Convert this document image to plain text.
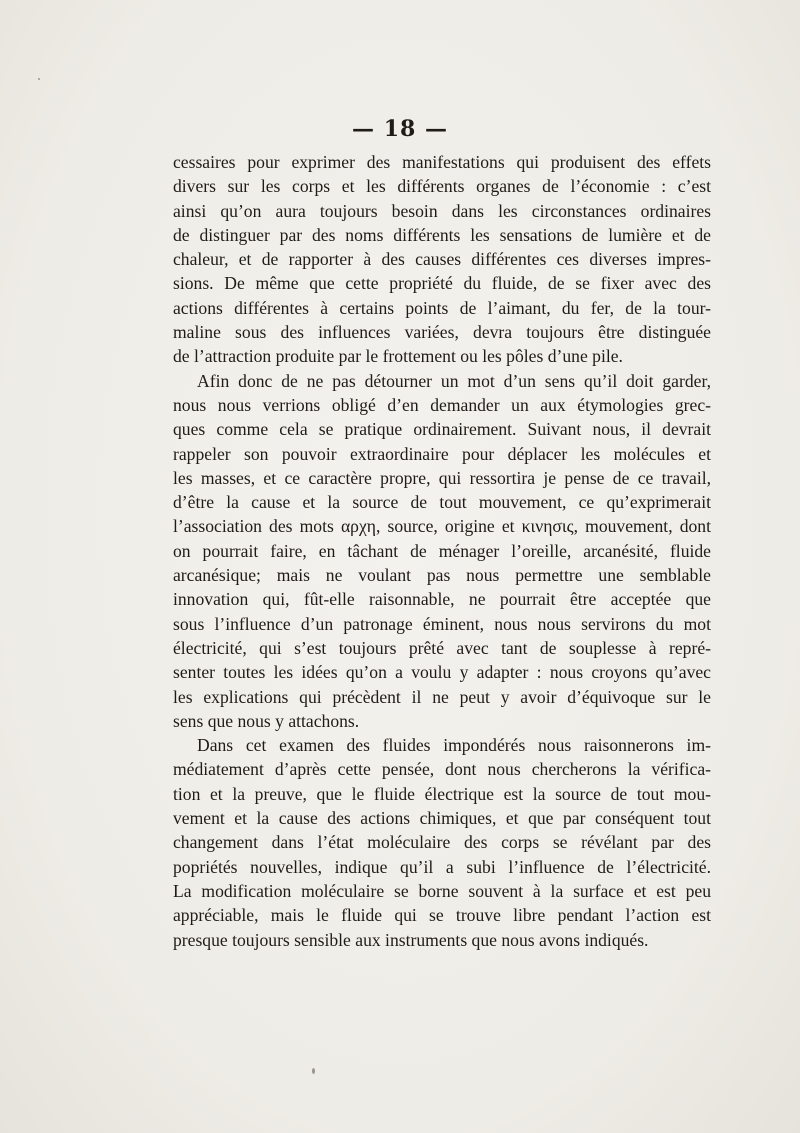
— 18 —
cessaires pour exprimer des manifestations qui produisent des effets
divers sur les corps et les différents organes de l’économie : c’est
ainsi qu’on aura toujours besoin dans les circonstances ordinaires
de distinguer par des noms différents les sensations de lumière et de
chaleur, et de rapporter à des causes différentes ces diverses impres-
sions. De même que cette propriété du fluide, de se fixer avec des
actions différentes à certains points de l’aimant, du fer, de la tour-
maline sous des influences variées, devra toujours être distinguée
de l’attraction produite par le frottement ou les pôles d’une pile.
Afin donc de ne pas détourner un mot d’un sens qu’il doit garder,
nous nous verrions obligé d’en demander un aux étymologies grec-
ques comme cela se pratique ordinairement. Suivant nous, il devrait
rappeler son pouvoir extraordinaire pour déplacer les molécules et
les masses, et ce caractère propre, qui ressortira je pense de ce travail,
d’être la cause et la source de tout mouvement, ce qu’exprimerait
l’association des mots αρχη, source, origine et κινησις, mouvement, dont
on pourrait faire, en tâchant de ménager l’oreille, arcanésité, fluide
arcanésique; mais ne voulant pas nous permettre une semblable
innovation qui, fût-elle raisonnable, ne pourrait être acceptée que
sous l’influence d’un patronage éminent, nous nous servirons du mot
électricité, qui s’est toujours prêté avec tant de souplesse à repré-
senter toutes les idées qu’on a voulu y adapter : nous croyons qu’avec
les explications qui précèdent il ne peut y avoir d’équivoque sur le
sens que nous y attachons.
Dans cet examen des fluides impondérés nous raisonnerons im-
médiatement d’après cette pensée, dont nous chercherons la vérifica-
tion et la preuve, que le fluide électrique est la source de tout mou-
vement et la cause des actions chimiques, et que par conséquent tout
changement dans l’état moléculaire des corps se révélant par des
popriétés nouvelles, indique qu’il a subi l’influence de l’électricité.
La modification moléculaire se borne souvent à la surface et est peu
appréciable, mais le fluide qui se trouve libre pendant l’action est
presque toujours sensible aux instruments que nous avons indiqués.
